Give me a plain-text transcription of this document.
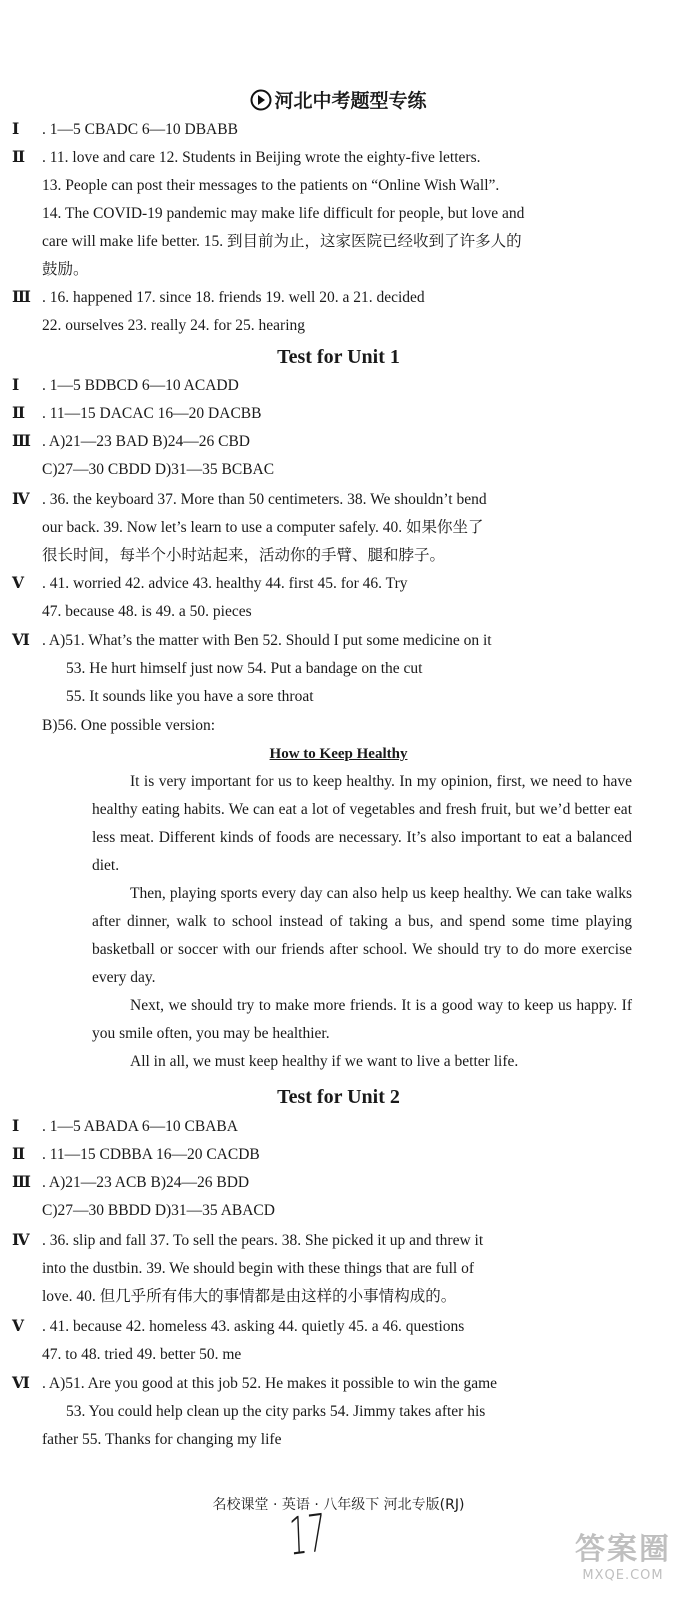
河北中考题型专练
Ⅰ . 1—5 CBADC 6—10 DBABB
Ⅱ . 11. love and care 12. Students in Beijing wrote the eighty-five letters.
13. People can post their messages to the patients on “Online Wish Wall”.
14. The COVID-19 pandemic may make life difficult for people, but love and
care will make life better. 15. 到目前为止，这家医院已经收到了许多人的
鼓励。
Ⅲ . 16. happened 17. since 18. friends 19. well 20. a 21. decided
22. ourselves 23. really 24. for 25. hearing
Test for Unit 1
Ⅰ . 1—5 BDBCD 6—10 ACADD
Ⅱ . 11—15 DACAC 16—20 DACBB
Ⅲ . A)21—23 BAD B)24—26 CBD
C)27—30 CBDD D)31—35 BCBAC
Ⅳ . 36. the keyboard 37. More than 50 centimeters. 38. We shouldn’t bend
our back. 39. Now let’s learn to use a computer safely. 40. 如果你坐了
很长时间，每半个小时站起来，活动你的手臂、腿和脖子。
Ⅴ . 41. worried 42. advice 43. healthy 44. first 45. for 46. Try
47. because 48. is 49. a 50. pieces
Ⅵ . A)51. What’s the matter with Ben 52. Should I put some medicine on it
53. He hurt himself just now 54. Put a bandage on the cut
55. It sounds like you have a sore throat
B)56. One possible version:
How to Keep Healthy
It is very important for us to keep healthy. In my opinion, first, we need to have healthy eating habits. We can eat a lot of vegetables and fresh fruit, but we’d better eat less meat. Different kinds of foods are necessary. It’s also important to eat a balanced diet.
Then, playing sports every day can also help us keep healthy. We can take walks after dinner, walk to school instead of taking a bus, and spend some time playing basketball or soccer with our friends after school. We should try to do more exercise every day.
Next, we should try to make more friends. It is a good way to keep us happy. If you smile often, you may be healthier.
All in all, we must keep healthy if we want to live a better life.
Test for Unit 2
Ⅰ . 1—5 ABADA 6—10 CBABA
Ⅱ . 11—15 CDBBA 16—20 CACDB
Ⅲ . A)21—23 ACB B)24—26 BDD
C)27—30 BBDD D)31—35 ABACD
Ⅳ . 36. slip and fall 37. To sell the pears. 38. She picked it up and threw it
into the dustbin. 39. We should begin with these things that are full of
love. 40. 但几乎所有伟大的事情都是由这样的小事情构成的。
Ⅴ . 41. because 42. homeless 43. asking 44. quietly 45. a 46. questions
47. to 48. tried 49. better 50. me
Ⅵ . A)51. Are you good at this job 52. He makes it possible to win the game
53. You could help clean up the city parks 54. Jimmy takes after his
father 55. Thanks for changing my life
名校课堂 · 英语 · 八年级下 河北专版(RJ)
17	答案圈
MXQE.COM
